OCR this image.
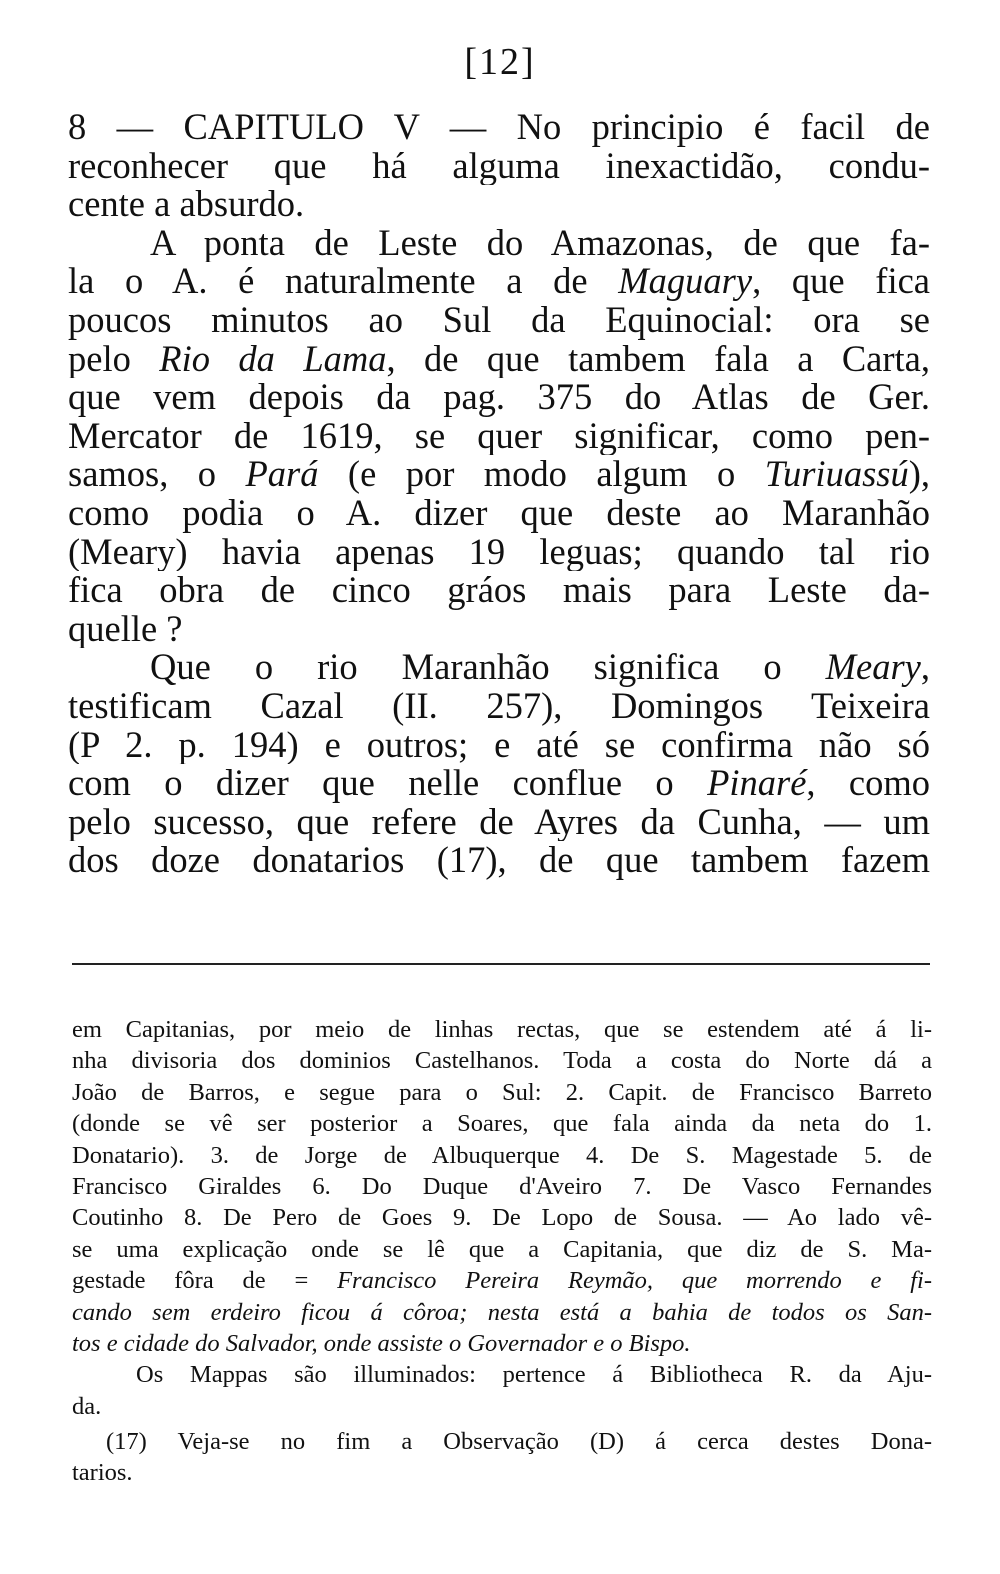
[12]
8 — CAPITULO V — No principio é facil de
reconhecer que há alguma inexactidão, condu-
cente a absurdo.
A ponta de Leste do Amazonas, de que fa-
la o A. é naturalmente a de Maguary, que fica
poucos minutos ao Sul da Equinocial: ora se
pelo Rio da Lama, de que tambem fala a Carta,
que vem depois da pag. 375 do Atlas de Ger.
Mercator de 1619, se quer significar, como pen-
samos, o Pará (e por modo algum o Turiuassú),
como podia o A. dizer que deste ao Maranhão
(Meary) havia apenas 19 leguas; quando tal rio
fica obra de cinco gráos mais para Leste da-
quelle ?
Que o rio Maranhão significa o Meary,
testificam Cazal (II. 257), Domingos Teixeira
(P 2. p. 194) e outros; e até se confirma não só
com o dizer que nelle conflue o Pinaré, como
pelo sucesso, que refere de Ayres da Cunha, — um
dos doze donatarios (17), de que tambem fazem
em Capitanias, por meio de linhas rectas, que se estendem até á li-
nha divisoria dos dominios Castelhanos. Toda a costa do Norte dá a
João de Barros, e segue para o Sul: 2. Capit. de Francisco Barreto
(donde se vê ser posterior a Soares, que fala ainda da neta do 1.
Donatario). 3. de Jorge de Albuquerque 4. De S. Magestade 5. de
Francisco Giraldes 6. Do Duque d'Aveiro 7. De Vasco Fernandes
Coutinho 8. De Pero de Goes 9. De Lopo de Sousa. — Ao lado vê-
se uma explicação onde se lê que a Capitania, que diz de S. Ma-
gestade fôra de = Francisco Pereira Reymão, que morrendo e fi-
cando sem erdeiro ficou á côroa; nesta está a bahia de todos os San-
tos e cidade do Salvador, onde assiste o Governador e o Bispo.
Os Mappas são illuminados: pertence á Bibliotheca R. da Aju-
da.
(17) Veja-se no fim a Observação (D) á cerca destes Dona-
tarios.
